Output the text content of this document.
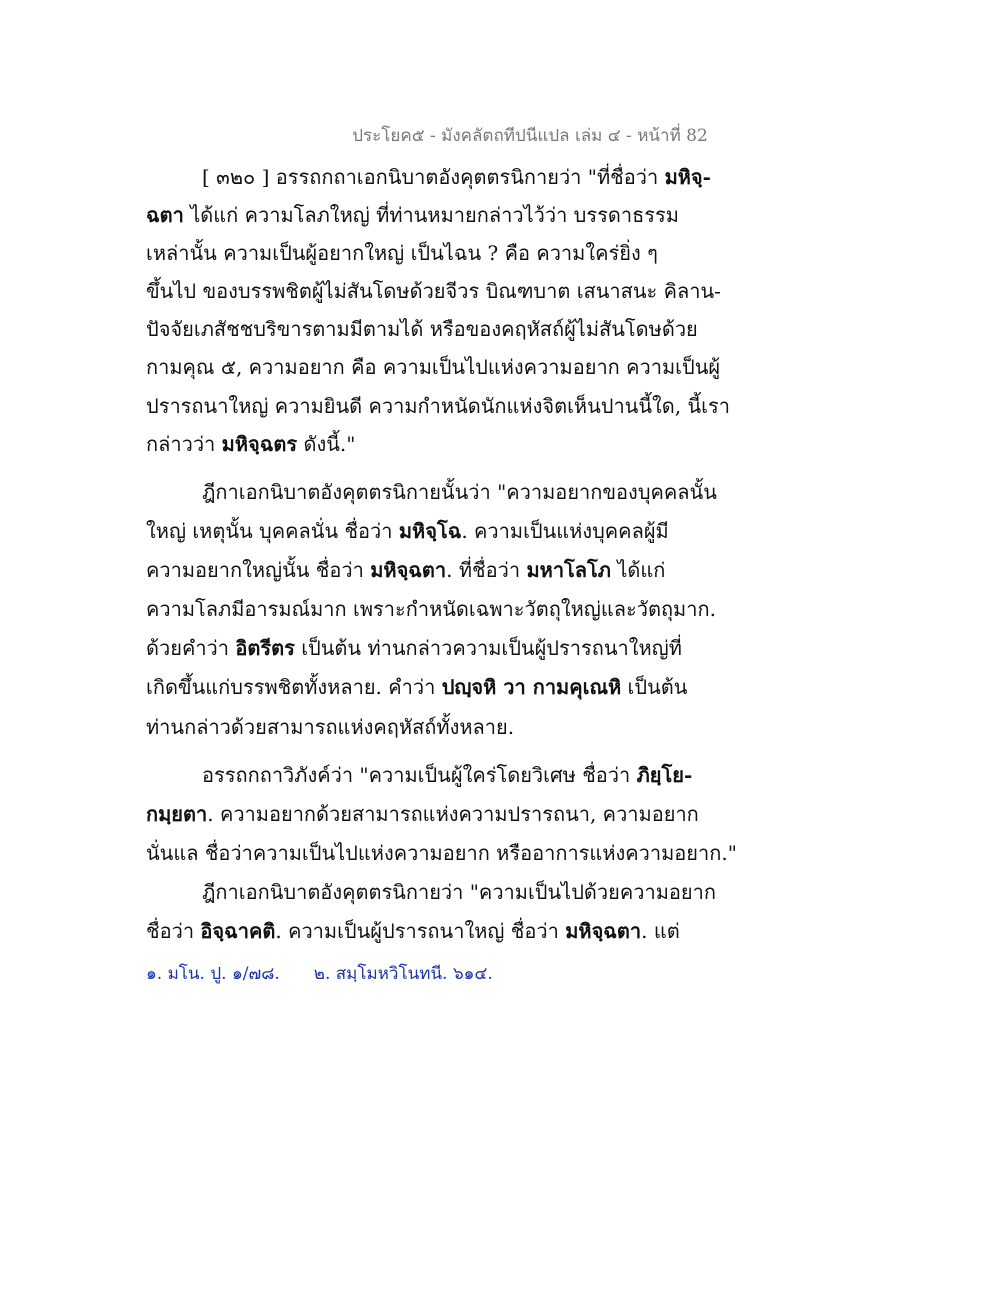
ประโยค๕ - มังคลัตถทีปนีแปล เล่ม ๔ - หน้าที่ 82
[ ๓๒๐ ] อรรถกถาเอกนิบาตอังคุตตรนิกายว่า "ที่ชื่อว่า มหิจฺ-
ฉตา ได้แก่ ความโลภใหญ่ ที่ท่านหมายกล่าวไว้ว่า บรรดาธรรม
เหล่านั้น ความเป็นผู้อยากใหญ่ เป็นไฉน ? คือ ความใคร่ยิ่ง ๆ
ขึ้นไป ของบรรพชิตผู้ไม่สันโดษด้วยจีวร บิณฑบาต เสนาสนะ คิลาน-
ปัจจัยเภสัชชบริขารตามมีตามได้ หรือของคฤหัสถ์ผู้ไม่สันโดษด้วย
กามคุณ ๕, ความอยาก คือ ความเป็นไปแห่งความอยาก ความเป็นผู้
ปรารถนาใหญ่ ความยินดี ความกำหนัดนักแห่งจิตเห็นปานนี้ใด, นี้เรา
กล่าวว่า มหิจฺฉตร ดังนี้."
ฎีกาเอกนิบาตอังคุตตรนิกายนั้นว่า "ความอยากของบุคคลนั้น
ใหญ่ เหตุนั้น บุคคลนั่น ชื่อว่า มหิจฺโฉ. ความเป็นแห่งบุคคลผู้มี
ความอยากใหญ่นั้น ชื่อว่า มหิจฺฉตา. ที่ชื่อว่า มหาโลโภ ได้แก่
ความโลภมีอารมณ์มาก เพราะกำหนัดเฉพาะวัตถุใหญ่และวัตถุมาก.
ด้วยคำว่า อิตรีตร เป็นต้น ท่านกล่าวความเป็นผู้ปรารถนาใหญ่ที่
เกิดขึ้นแก่บรรพชิตทั้งหลาย. คำว่า ปญฺจหิ วา กามคุเณหิ เป็นต้น
ท่านกล่าวด้วยสามารถแห่งคฤหัสถ์ทั้งหลาย.
อรรถกถาวิภังค์ว่า "ความเป็นผู้ใคร่โดยวิเศษ ชื่อว่า ภิยฺโย-
กมฺยตา. ความอยากด้วยสามารถแห่งความปรารถนา, ความอยาก
นั่นแล ชื่อว่าความเป็นไปแห่งความอยาก หรืออาการแห่งความอยาก."
ฎีกาเอกนิบาตอังคุตตรนิกายว่า "ความเป็นไปด้วยความอยาก
ชื่อว่า อิจฺฉาคติ. ความเป็นผู้ปรารถนาใหญ่ ชื่อว่า มหิจฺฉตา. แต่
๑. มโน. ปู. ๑/๗๘. ๒. สมฺโมหวิโนทนี. ๖๑๔.
